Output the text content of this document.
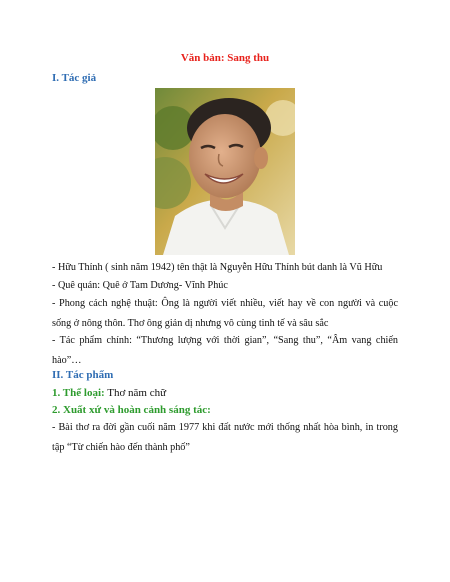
Văn bản: Sang thu
I. Tác giả
- Hữu Thỉnh ( sinh năm 1942) tên thật là Nguyễn Hữu Thỉnh bút danh là Vũ Hữu
- Quê quán: Quê ở Tam Dương- Vĩnh Phúc
- Phong cách nghệ thuật: Ông là người viết nhiều, viết hay về con người và cuộc sống ở nông thôn. Thơ ông giản dị nhưng vô cùng tinh tế và sâu sắc
- Tác phẩm chính: “Thương lượng với thời gian”, “Sang thu”, “Âm vang chiến hào”…
II. Tác phẩm
1. Thể loại: Thơ năm chữ
2. Xuất xứ và hoàn cảnh sáng tác:
- Bài thơ ra đời gần cuối năm 1977 khi đất nước mới thống nhất hòa bình, in trong tập “Từ chiến hào đến thành phố”
